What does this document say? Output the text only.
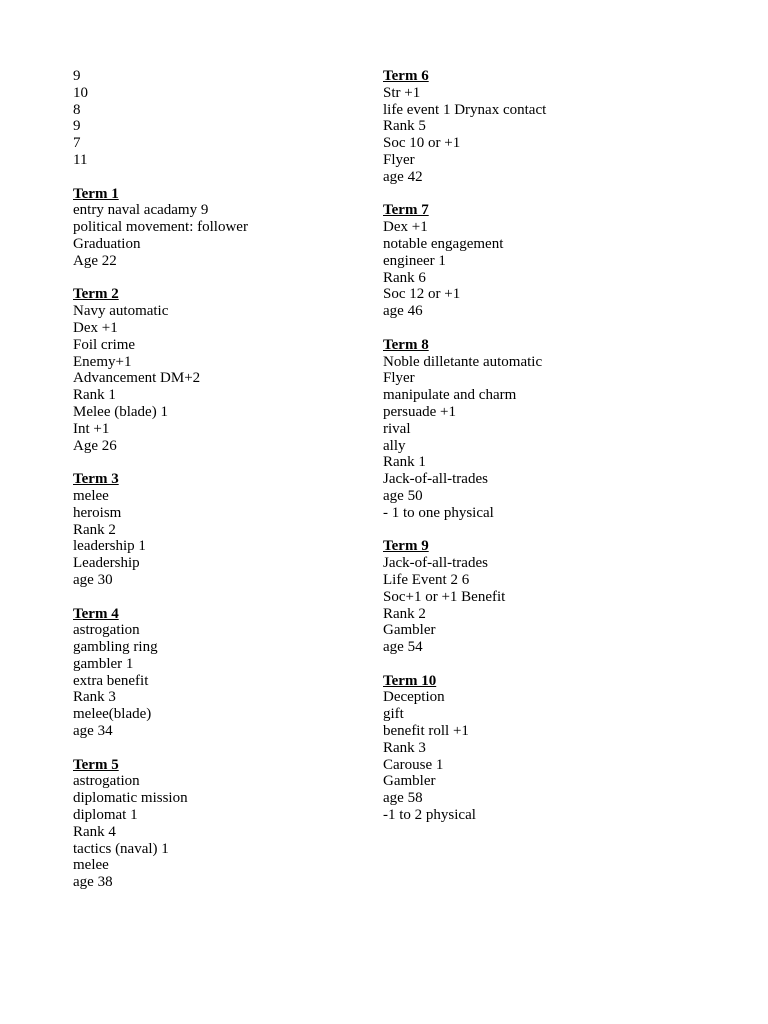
9
10
8
9
7
11
Term 1
entry naval acadamy 9
political movement: follower
Graduation
Age 22
Term 2
Navy automatic
Dex +1
Foil crime
Enemy+1
Advancement DM+2
Rank 1
Melee (blade) 1
Int +1
Age 26
Term 3
melee
heroism
Rank 2
leadership 1
Leadership
age 30
Term 4
astrogation
gambling ring
gambler 1
extra benefit
Rank 3
melee(blade)
age 34
Term 5
astrogation
diplomatic mission
diplomat 1
Rank 4
tactics (naval) 1
melee
age 38
Term 6
Str +1
life event 1 Drynax contact
Rank 5
Soc 10 or +1
Flyer
age 42
Term 7
Dex +1
notable engagement
engineer 1
Rank 6
Soc 12 or +1
age 46
Term 8
Noble dilletante automatic
Flyer
manipulate and charm
persuade +1
rival
ally
Rank 1
Jack-of-all-trades
age 50
- 1 to one physical
Term 9
Jack-of-all-trades
Life Event 2 6
Soc+1 or +1 Benefit
Rank 2
Gambler
age 54
Term 10
Deception
gift
benefit roll +1
Rank 3
Carouse 1
Gambler
age 58
-1 to 2 physical
